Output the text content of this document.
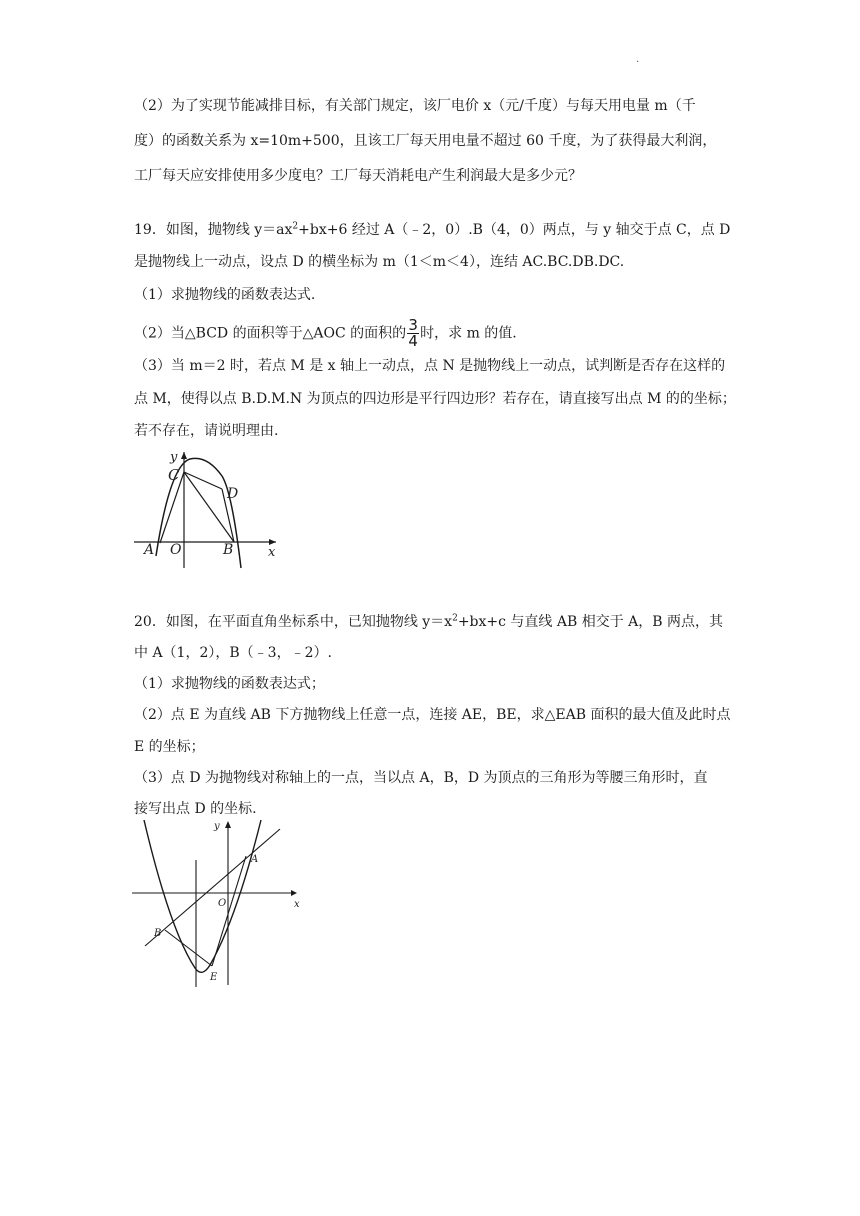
.
（2）为了实现节能减排目标，有关部门规定，该厂电价 x（元/千度）与每天用电量 m（千
度）的函数关系为 x=10m+500，且该工厂每天用电量不超过 60 千度，为了获得最大利润，
工厂每天应安排使用多少度电？工厂每天消耗电产生利润最大是多少元？
19．如图，抛物线 $y=ax^2+bx+6$ 经过 A（﹣2，0）.B（4，0）两点，与 y 轴交于点 C，点 D
是抛物线上一动点，设点 D 的横坐标为 m（1＜m＜4），连结 AC.BC.DB.DC.
（1）求抛物线的函数表达式.
（2）当△BCD 的面积等于△AOC 的面积的 $\frac{3}{4}$ 时，求 m 的值.
（3）当 m＝2 时，若点 M 是 x 轴上一动点，点 N 是抛物线上一动点，试判断是否存在这样的
点 M，使得以点 B.D.M.N 为顶点的四边形是平行四边形？若存在，请直接写出点 M 的的坐标；
若不存在，请说明理由.
y
C
D
A O	B	x
y
A
O	x
B
E
20．如图，在平面直角坐标系中，已知抛物线 $y=x^2+bx+c$ 与直线 AB 相交于 A，B 两点，其
中 A（1，2），B（﹣3，﹣2）.
（1）求抛物线的函数表达式；
（2）点 E 为直线 AB 下方抛物线上任意一点，连接 AE，BE，求△EAB 面积的最大值及此时点
E 的坐标；
（3）点 D 为抛物线对称轴上的一点，当以点 A，B，D 为顶点的三角形为等腰三角形时，直
接写出点 D 的坐标.
